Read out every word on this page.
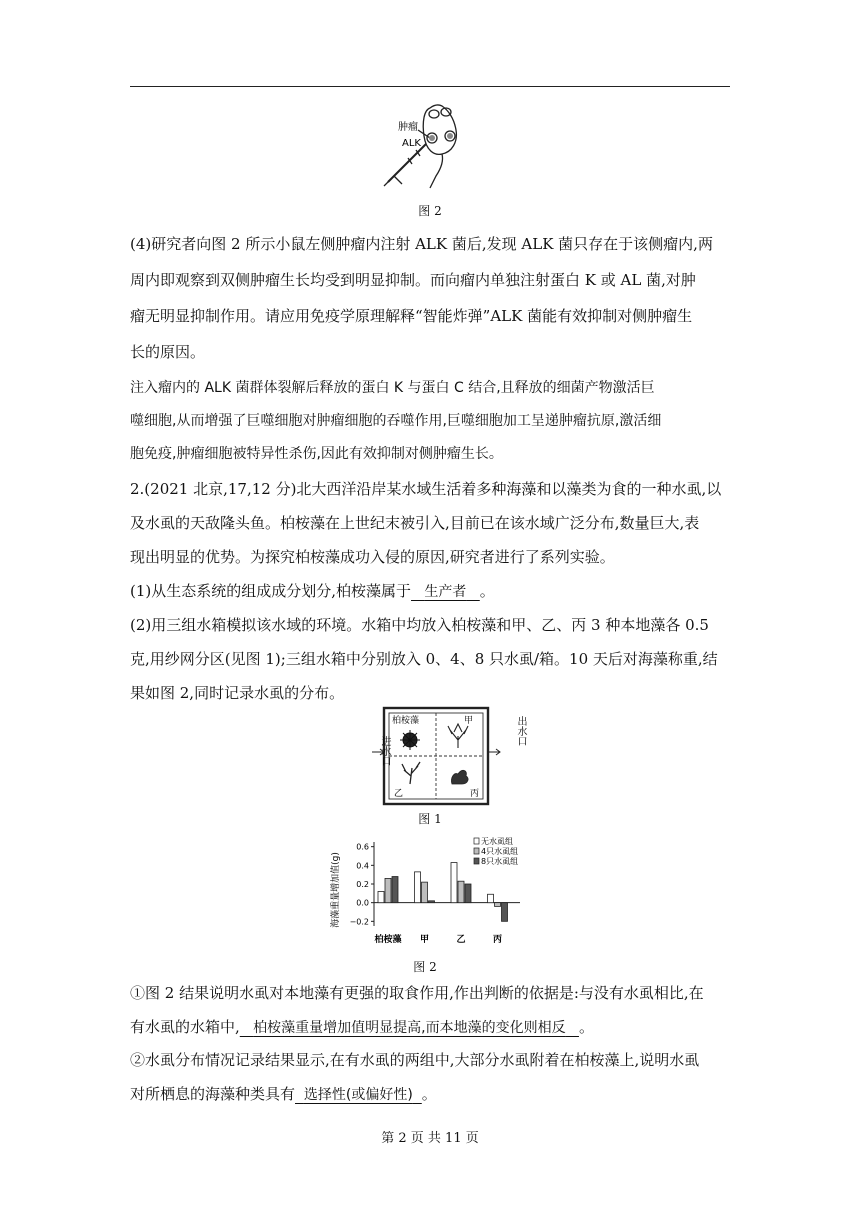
肿瘤
ALK
图 2
(4)研究者向图 2 所示小鼠左侧肿瘤内注射 ALK 菌后,发现 ALK 菌只存在于该侧瘤内,两
周内即观察到双侧肿瘤生长均受到明显抑制。而向瘤内单独注射蛋白 K 或 AL 菌,对肿
瘤无明显抑制作用。请应用免疫学原理解释“智能炸弹”ALK 菌能有效抑制对侧肿瘤生
长的原因。
注入瘤内的 ALK 菌群体裂解后释放的蛋白 K 与蛋白 C 结合,且释放的细菌产物激活巨
噬细胞,从而增强了巨噬细胞对肿瘤细胞的吞噬作用,巨噬细胞加工呈递肿瘤抗原,激活细
胞免疫,肿瘤细胞被特异性杀伤,因此有效抑制对侧肿瘤生长。
2.(2021 北京,17,12 分)北大西洋沿岸某水域生活着多种海藻和以藻类为食的一种水虱,以
及水虱的天敌隆头鱼。柏桉藻在上世纪末被引入,目前已在该水域广泛分布,数量巨大,表
现出明显的优势。为探究柏桉藻成功入侵的原因,研究者进行了系列实验。
(1)从生态系统的组成成分划分,柏桉藻属于 生产者 。
(2)用三组水箱模拟该水域的环境。水箱中均放入柏桉藻和甲、乙、丙 3 种本地藻各 0.5
克,用纱网分区(见图 1);三组水箱中分别放入 0、4、8 只水虱/箱。10 天后对海藻称重,结
果如图 2,同时记录水虱的分布。
柏桉藻	甲
乙	丙
进水口
出水口
图 1
海藻重量增加值(g)
0.6
0.4
0.2
0.0
−0.2
柏桉藻 甲	乙	丙
无水虱组
4只水虱组
8只水虱组
图 2
①图 2 结果说明水虱对本地藻有更强的取食作用,作出判断的依据是:与没有水虱相比,在
有水虱的水箱中, 柏桉藻重量增加值明显提高,而本地藻的变化则相反 。
②水虱分布情况记录结果显示,在有水虱的两组中,大部分水虱附着在柏桉藻上,说明水虱
对所栖息的海藻种类具有 选择性(或偏好性) 。
第 2 页 共 11 页
